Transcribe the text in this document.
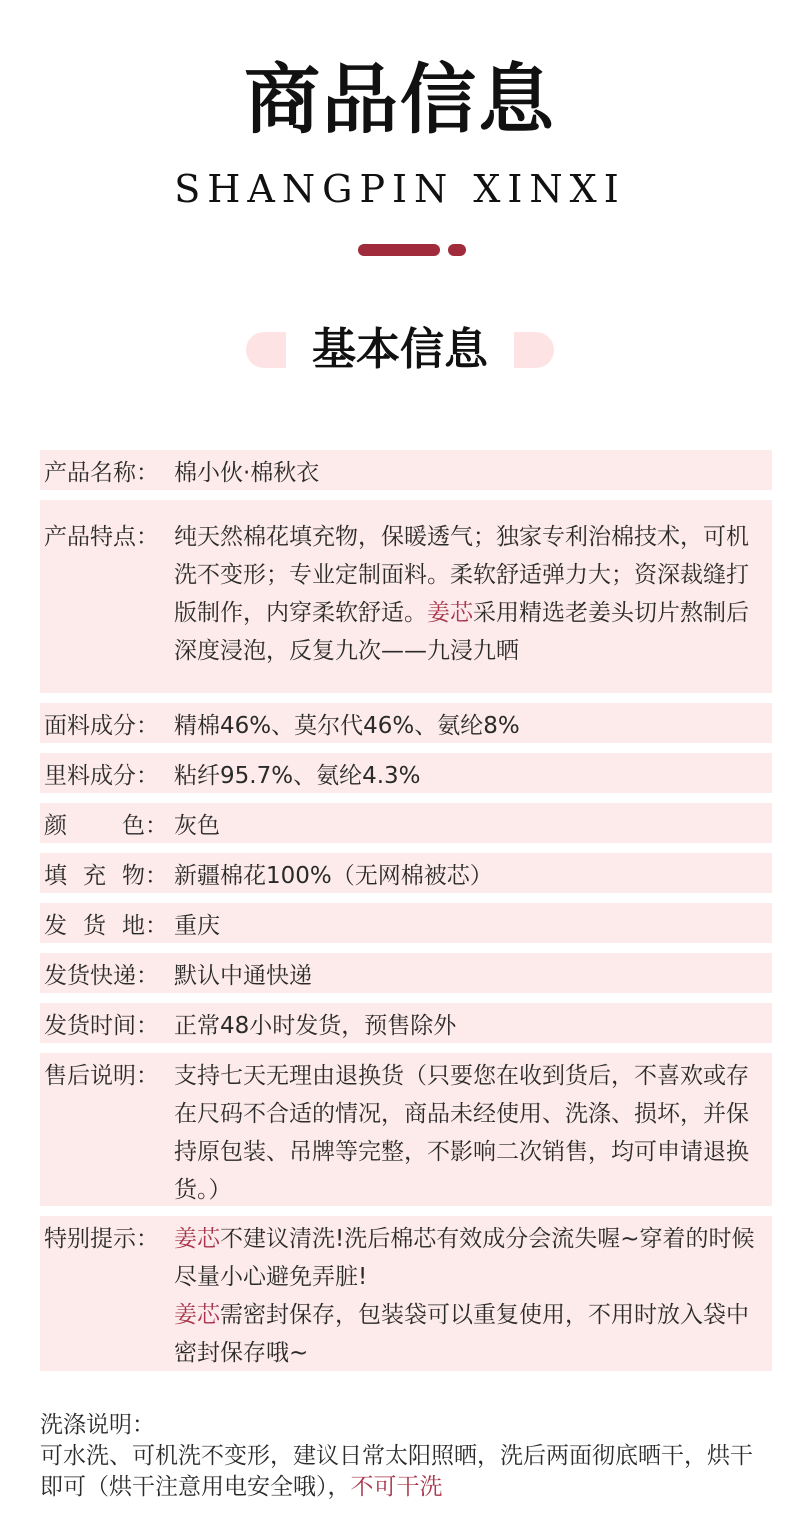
商品信息
SHANGPIN XINXI
基本信息
产品名称： 棉小伙·棉秋衣
产品特点： 纯天然棉花填充物，保暖透气；独家专利治棉技术，可机洗不变形；专业定制面料。柔软舒适弹力大；资深裁缝打版制作，内穿柔软舒适。姜芯采用精选老姜头切片熬制后深度浸泡，反复九次——九浸九晒
面料成分： 精棉46%、莫尔代46%、氨纶8%
里料成分： 粘纤95.7%、氨纶4.3%
颜 色： 灰色
填 充 物： 新疆棉花100%（无网棉被芯）
发 货 地： 重庆
发货快递： 默认中通快递
发货时间： 正常48小时发货，预售除外
售后说明： 支持七天无理由退换货（只要您在收到货后，不喜欢或存在尺码不合适的情况，商品未经使用、洗涤、损坏，并保持原包装、吊牌等完整，不影响二次销售，均可申请退换货。）
特别提示： 姜芯不建议清洗!洗后棉芯有效成分会流失喔~穿着的时候尽量小心避免弄脏!
姜芯需密封保存，包装袋可以重复使用，不用时放入袋中密封保存哦~
洗涤说明：
可水洗、可机洗不变形，建议日常太阳照晒，洗后两面彻底晒干，烘干即可（烘干注意用电安全哦），不可干洗
